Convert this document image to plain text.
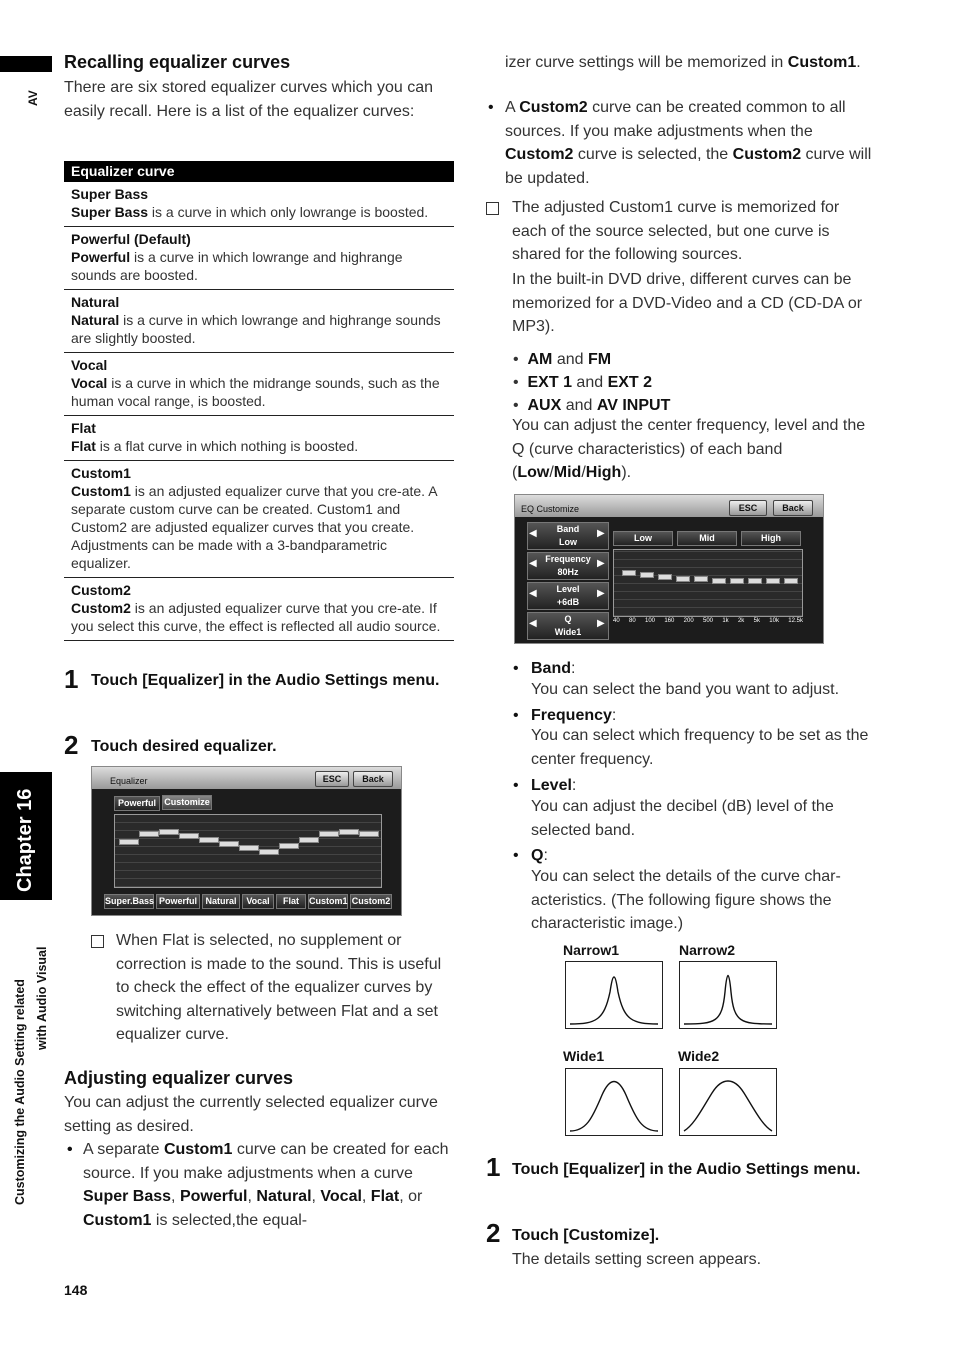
AV
Chapter 16
Customizing the Audio Setting related with Audio Visual
Recalling equalizer curves
There are six stored equalizer curves which you can easily recall. Here is a list of the equalizer curves:
Equalizer curve
Super Bass
Super Bass is a curve in which only lowrange is boosted.
Powerful (Default)
Powerful is a curve in which lowrange and highrange sounds are boosted.
Natural
Natural is a curve in which lowrange and highrange sounds are slightly boosted.
Vocal
Vocal is a curve in which the midrange sounds, such as the human vocal range, is boosted.
Flat
Flat is a flat curve in which nothing is boosted.
Custom1
Custom1 is an adjusted equalizer curve that you cre-ate. A separate custom curve can be created. Custom1 and Custom2 are adjusted equalizer curves that you create. Adjustments can be made with a 3-bandparametric equalizer.
Custom2
Custom2 is an adjusted equalizer curve that you cre-ate. If you select this curve, the effect is reflected all audio source.
1 Touch [Equalizer] in the Audio Settings menu.
2 Touch desired equalizer.
Equalizer	ESC	Back
Powerful Customize
Super.Bass Powerful Natural	Vocal	Flat	Custom1 Custom2
When Flat is selected, no supplement or correction is made to the sound. This is useful to check the effect of the equalizer curves by switching alternatively between Flat and a set equalizer curve.
Adjusting equalizer curves
You can adjust the currently selected equalizer curve setting as desired.
A separate Custom1 curve can be created for each source. If you make adjustments when a curve Super Bass, Powerful, Natural, Vocal, Flat, or Custom1 is selected,the equal-
•
148
izer curve settings will be memorized in Custom1.
• A Custom2 curve can be created common to all sources. If you make adjustments when the Custom2 curve is selected, the Custom2 curve will be updated.
The adjusted Custom1 curve is memorized for each of the source selected, but one curve is shared for the following sources.
In the built-in DVD drive, different curves can be memorized for a DVD-Video and a CD (CD-DA or MP3).
•  AM and FM
•  EXT 1 and EXT 2
•  AUX and AV INPUT
You can adjust the center frequency, level and the Q (curve characteristics) of each band (Low/Mid/High).
EQ Customize	ESC	Back
Band
Low
Frequency
80Hz
Level
+6dB
Q
Wide1
◀	▶
◀	▶
◀	▶
◀	▶
Low	Mid	High
40 80 100 160 200 500 1k 2k 5k 10k 12.5k
• Band:
You can select the band you want to adjust.
• Frequency:
You can select which frequency to be set as the center frequency.
• Level:
You can adjust the decibel (dB) level of the selected band.
• Q:
You can select the details of the curve char-acteristics. (The following figure shows the characteristic image.)
Narrow1	Narrow2
Wide1	Wide2
1 Touch [Equalizer] in the Audio Settings menu.
2 Touch [Customize].
The details setting screen appears.
